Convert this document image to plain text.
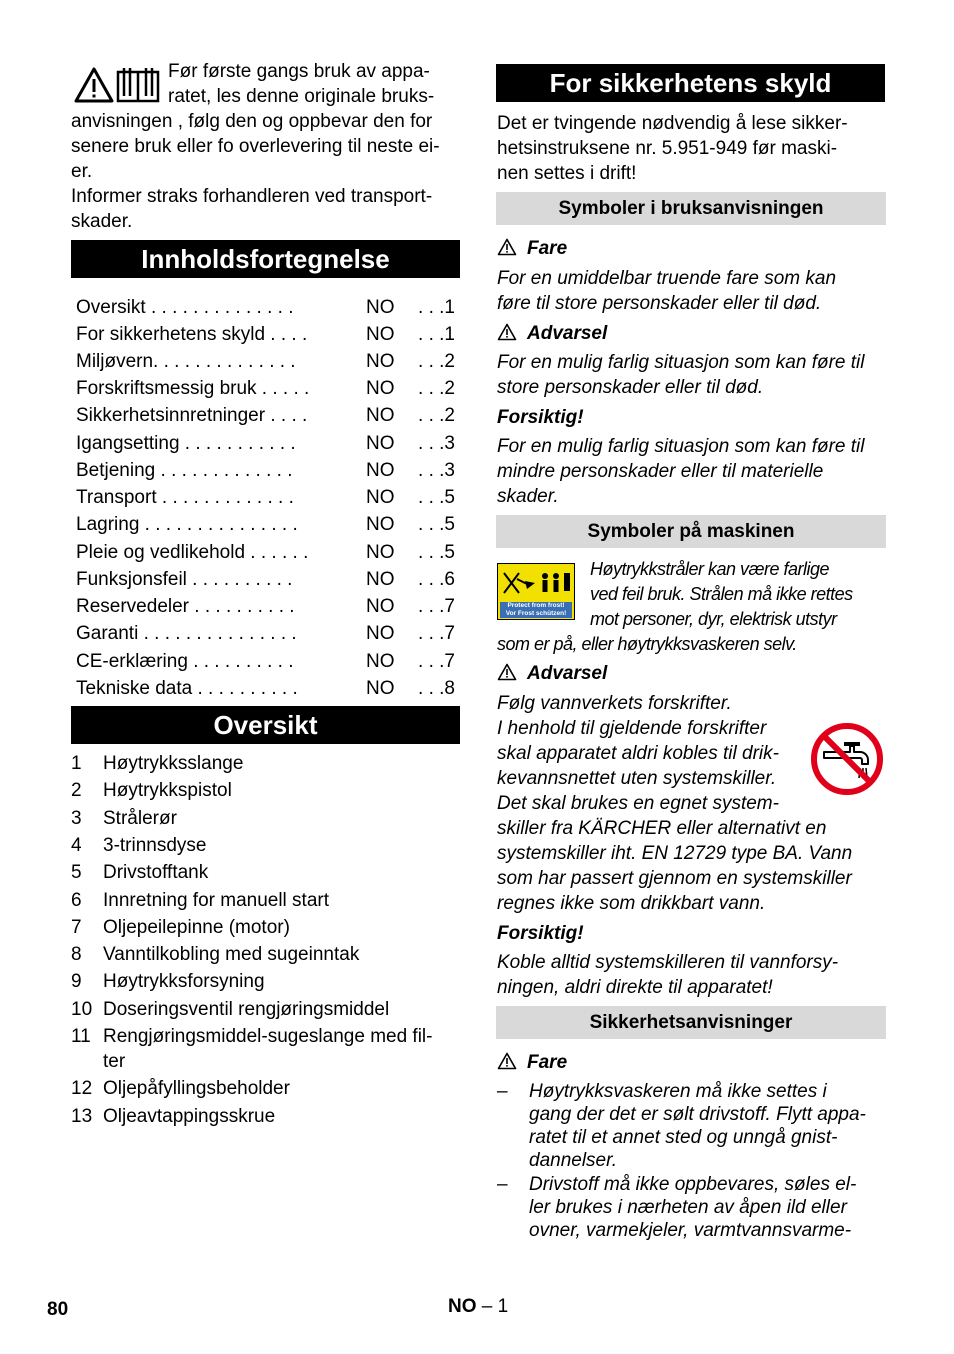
Før første gangs bruk av appa-
ratet, les denne originale bruks-
anvisningen , følg den og oppbevar den for
senere bruk eller fo overlevering til neste ei-
er.
Informer straks forhandleren ved transport-
skader.
Innholdsfortegnelse
Oversikt . . . . . . . . . . . . . .	NO	. . .1
For sikkerhetens skyld . . . .	NO	. . .1
Miljøvern. . . . . . . . . . . . . .	NO	. . .2
Forskriftsmessig bruk . . . . .	NO	. . .2
Sikkerhetsinnretninger . . . .	NO	. . .2
Igangsetting . . . . . . . . . . .	NO	. . .3
Betjening . . . . . . . . . . . . .	NO	. . .3
Transport . . . . . . . . . . . . .	NO	. . .5
Lagring . . . . . . . . . . . . . . .	NO	. . .5
Pleie og vedlikehold . . . . . .	NO	. . .5
Funksjonsfeil . . . . . . . . . .	NO	. . .6
Reservedeler . . . . . . . . . .	NO	. . .7
Garanti . . . . . . . . . . . . . . .	NO	. . .7
CE-erklæring . . . . . . . . . .	NO	. . .7
Tekniske data . . . . . . . . . .	NO	. . .8
Oversikt
1 Høytrykksslange
2 Høytrykkspistol
3 Strålerør
4 3-trinnsdyse
5 Drivstofftank
6 Innretning for manuell start
7 Oljepeilepinne (motor)
8 Vanntilkobling med sugeinntak
9 Høytrykksforsyning
10 Doseringsventil rengjøringsmiddel
11 Rengjøringsmiddel-sugeslange med fil-
ter
12 Oljepåfyllingsbeholder
13 Oljeavtappingsskrue
For sikkerhetens skyld
Det er tvingende nødvendig å lese sikker-
hetsinstruksene nr. 5.951-949 før maski-
nen settes i drift!
Symboler i bruksanvisningen
Fare
For en umiddelbar truende fare som kan
føre til store personskader eller til død.
Advarsel
For en mulig farlig situasjon som kan føre til
store personskader eller til død.
Forsiktig!
For en mulig farlig situasjon som kan føre til
mindre personskader eller til materielle
skader.
Symboler på maskinen
Protect from frost!
Vor Frost schützen!
Høytrykkstråler kan være farlige
ved feil bruk. Strålen må ikke rettes
mot personer, dyr, elektrisk utstyr
som er på, eller høytrykksvaskeren selv.
Advarsel
Følg vannverkets forskrifter.
I henhold til gjeldende forskrifter
skal apparatet aldri kobles til drik-
kevannsnettet uten systemskiller.
Det skal brukes en egnet system-
skiller fra KÄRCHER eller alternativt en
systemskiller iht. EN 12729 type BA. Vann
som har passert gjennom en systemskiller
regnes ikke som drikkbart vann.
Forsiktig!
Koble alltid systemskilleren til vannforsy-
ningen, aldri direkte til apparatet!
Sikkerhetsanvisninger
Fare
– Høytrykksvaskeren må ikke settes i
gang der det er sølt drivstoff. Flytt appa-
ratet til et annet sted og unngå gnist-
dannelser.
– Drivstoff må ikke oppbevares, søles el-
ler brukes i nærheten av åpen ild eller
ovner, varmekjeler, varmtvannsvarme-
80	NO – 1
